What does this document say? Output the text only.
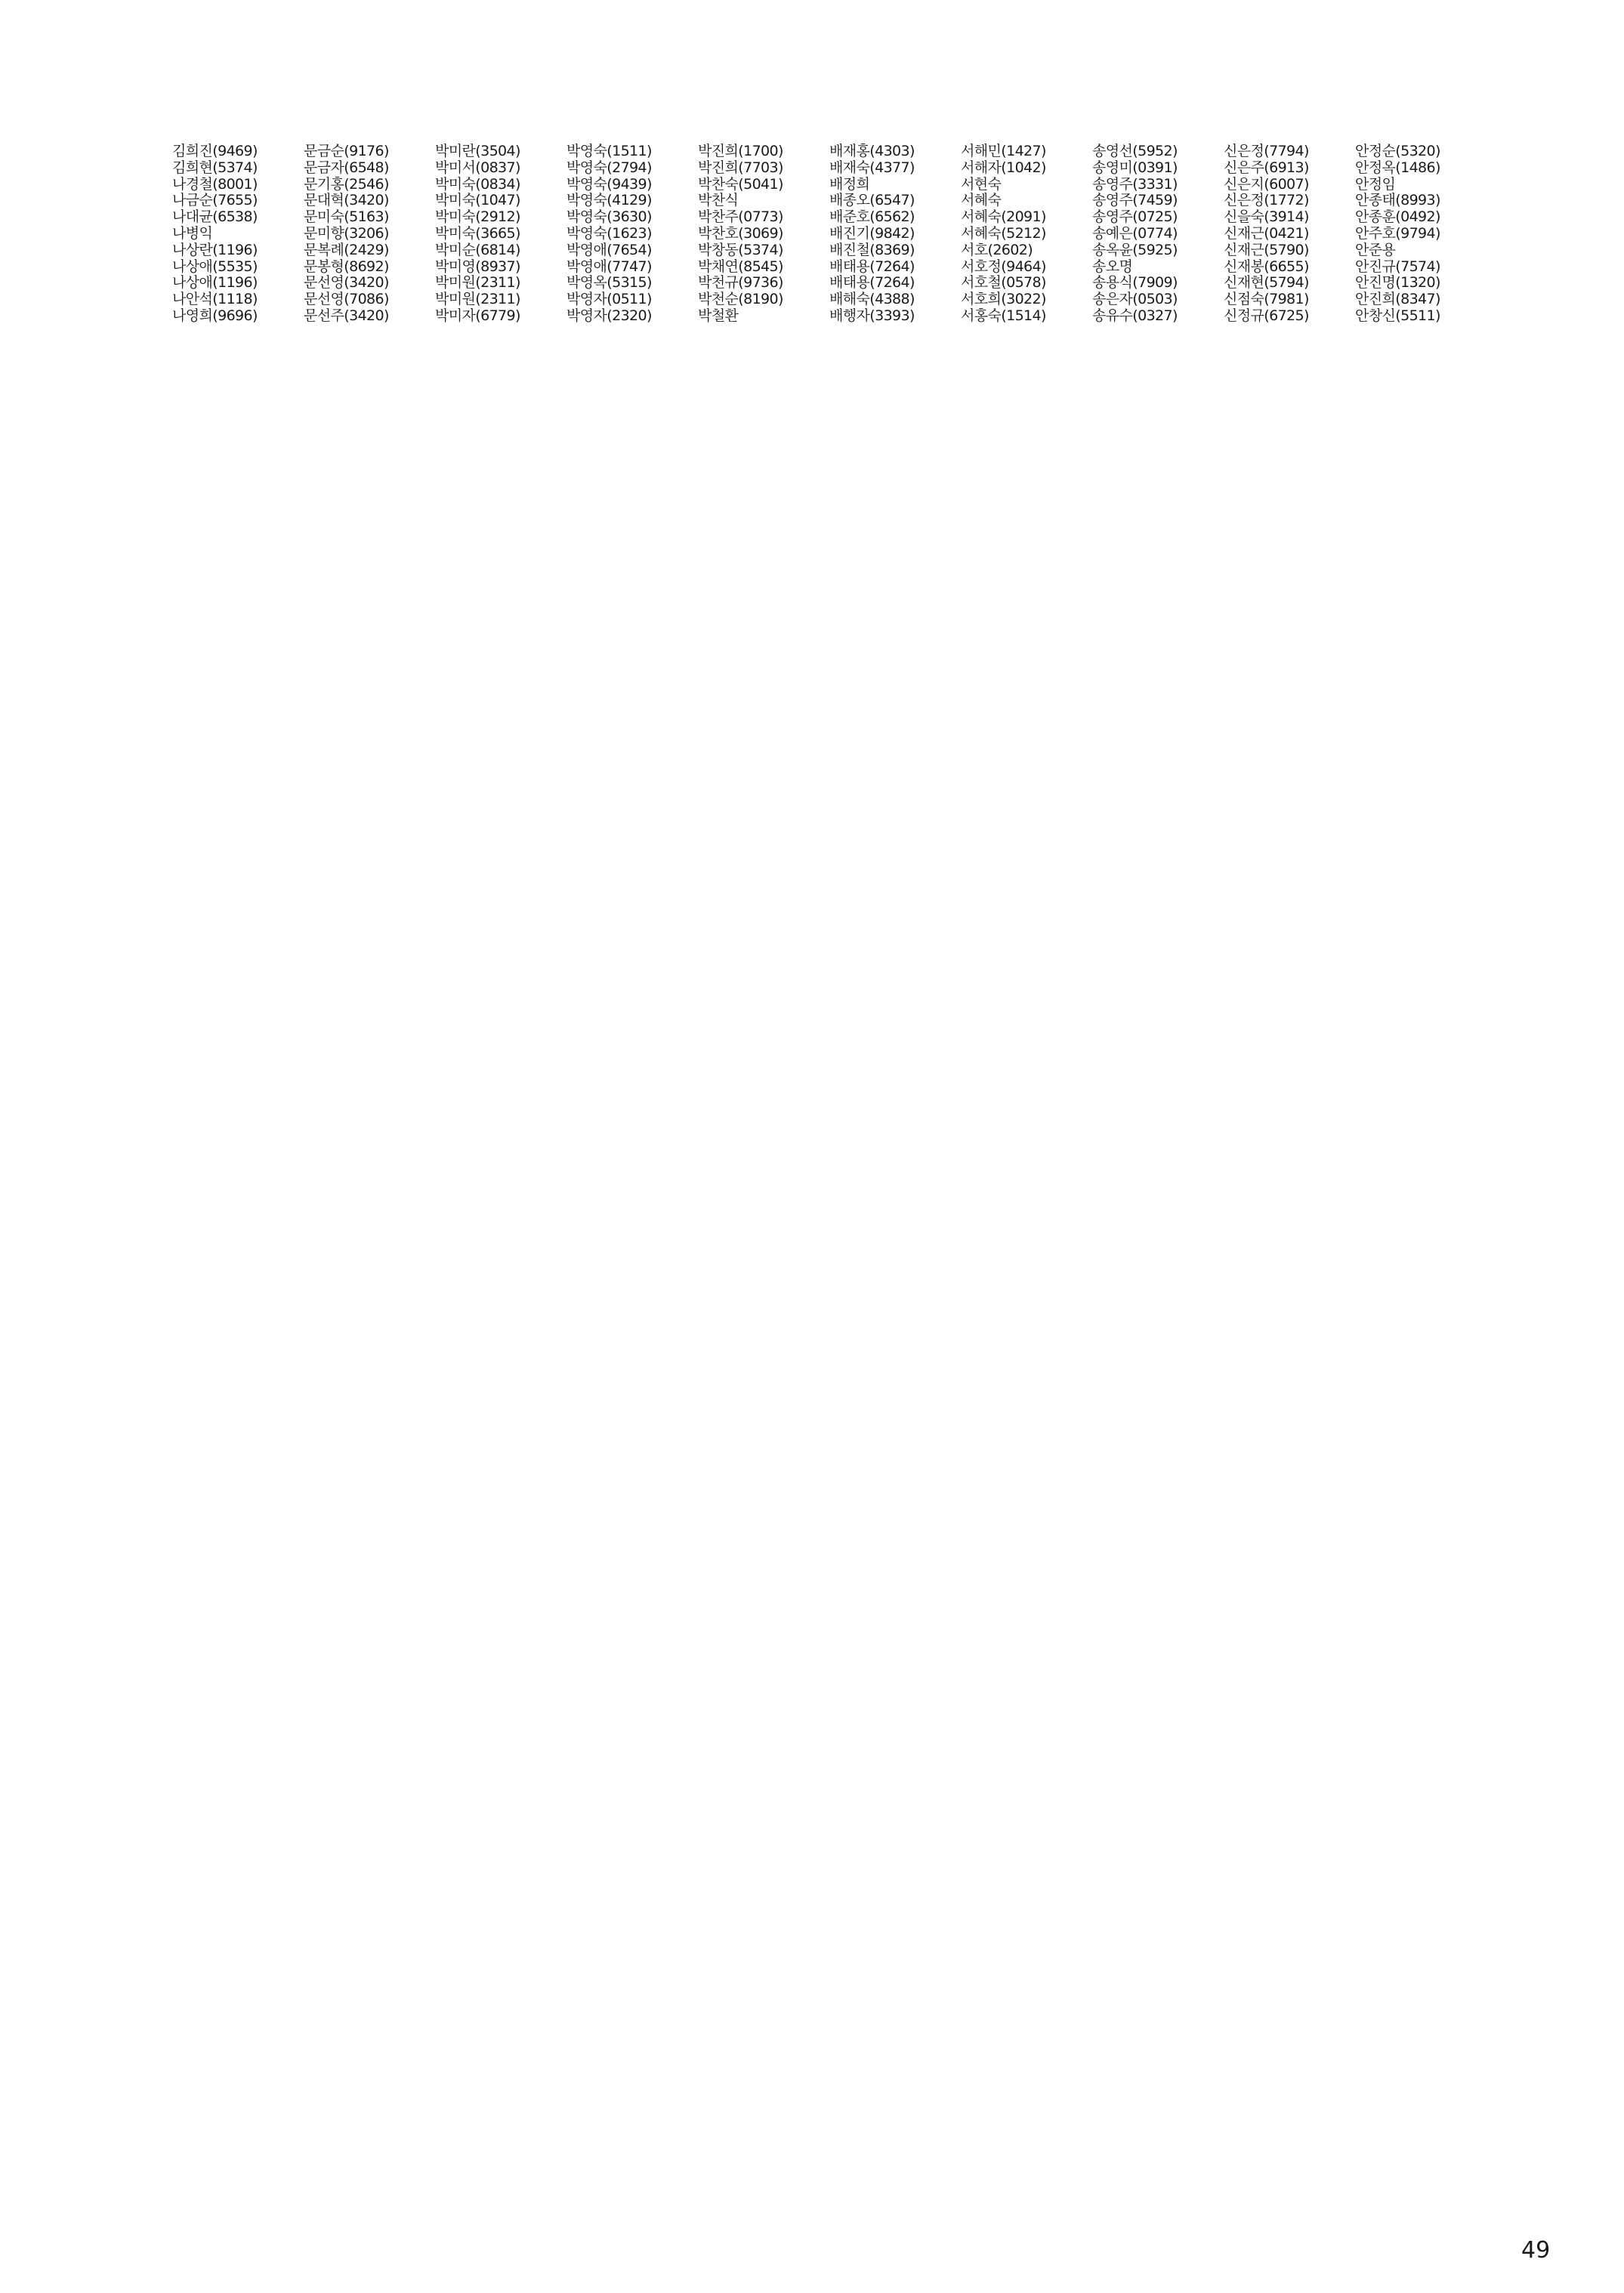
김희진(9469)
김희현(5374)
나경철(8001)
나금순(7655)
나대균(6538)
나병익
나상란(1196)
나상애(5535)
나상애(1196)
나안석(1118)
나영희(9696)
문금순(9176)
문금자(6548)
문기홍(2546)
문대혁(3420)
문미숙(5163)
문미향(3206)
문복례(2429)
문봉형(8692)
문선영(3420)
문선영(7086)
문선주(3420)
박미란(3504)
박미서(0837)
박미숙(0834)
박미숙(1047)
박미숙(2912)
박미숙(3665)
박미순(6814)
박미영(8937)
박미원(2311)
박미원(2311)
박미자(6779)
박영숙(1511)
박영숙(2794)
박영숙(9439)
박영숙(4129)
박영숙(3630)
박영숙(1623)
박영애(7654)
박영애(7747)
박영옥(5315)
박영자(0511)
박영자(2320)
박진희(1700)
박진희(7703)
박찬숙(5041)
박찬식
박찬주(0773)
박찬호(3069)
박창동(5374)
박채연(8545)
박천규(9736)
박천순(8190)
박철환
배재홍(4303)
배재숙(4377)
배정희
배종오(6547)
배준호(6562)
배진기(9842)
배진철(8369)
배태용(7264)
배태용(7264)
배해숙(4388)
배행자(3393)
서해민(1427)
서해자(1042)
서현숙
서혜숙
서혜숙(2091)
서혜숙(5212)
서호(2602)
서호정(9464)
서호철(0578)
서호희(3022)
서홍숙(1514)
송영선(5952)
송영미(0391)
송영주(3331)
송영주(7459)
송영주(0725)
송예은(0774)
송옥윤(5925)
송오명
송용식(7909)
송은자(0503)
송유수(0327)
신은정(7794)
신은주(6913)
신은지(6007)
신은정(1772)
신을숙(3914)
신재근(0421)
신재근(5790)
신재봉(6655)
신재현(5794)
신점숙(7981)
신정규(6725)
안정순(5320)
안정옥(1486)
안정임
안종태(8993)
안종훈(0492)
안주호(9794)
안준용
안진규(7574)
안진명(1320)
안진희(8347)
안창신(5511)
49
